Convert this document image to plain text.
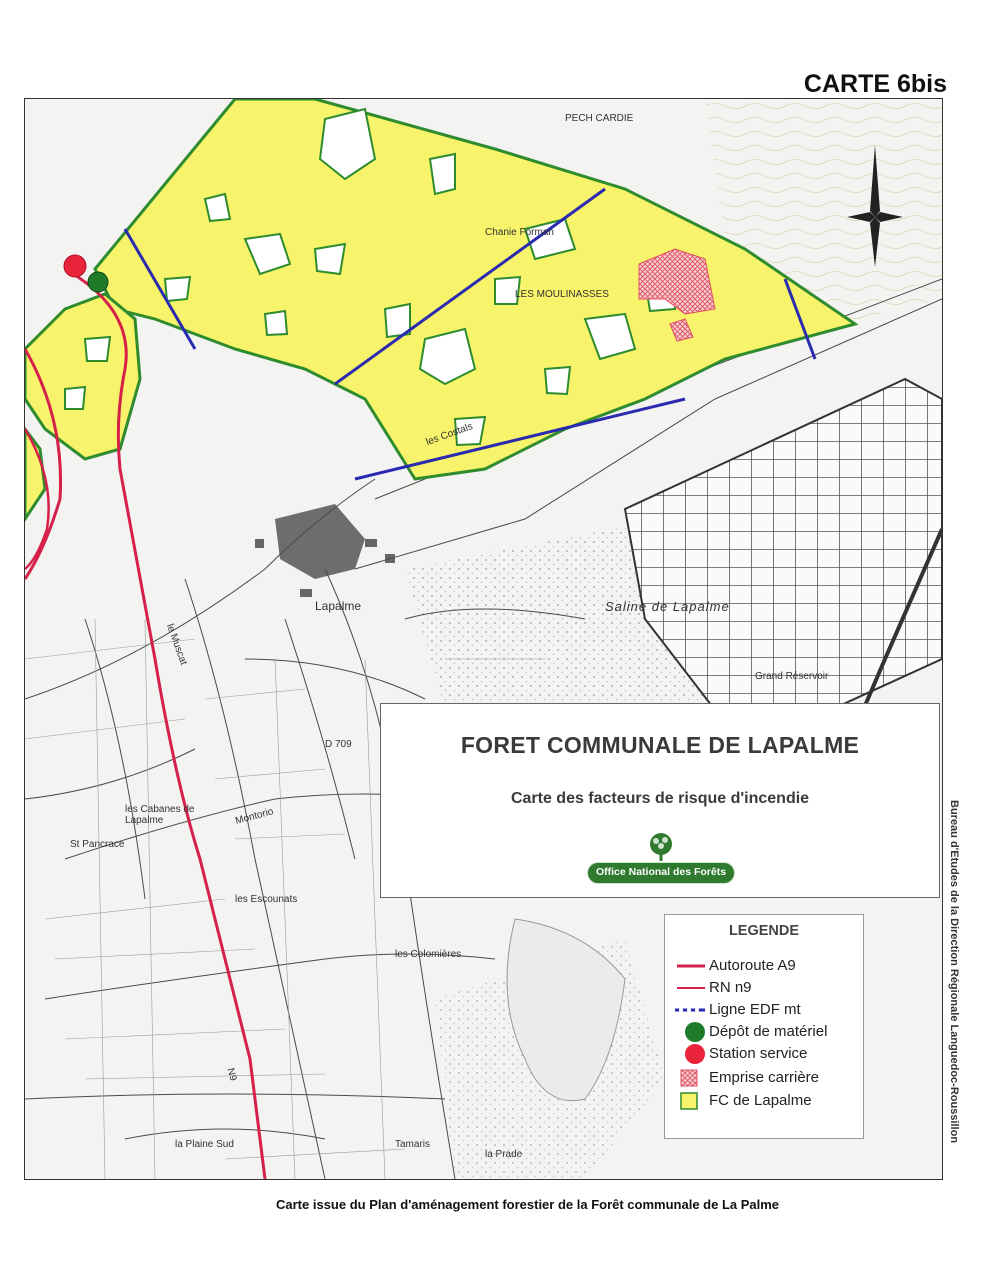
CARTE 6bis
PECH CARDIE
Chanie Forman
LES MOULINASSES
les Costals
Lapalme	Saline de Lapalme
Grand Réservoir
le Muscat
D 709
les Cabanes de Lapalme	Montorio
St Pancrace
les Escounats
les Colomières
N9
la Plaine Sud	Tamaris
la Prade
FORET COMMUNALE DE LAPALME
Carte des facteurs de risque d'incendie
Office National des Forêts
LEGENDE
Autoroute A9
RN n9
Ligne EDF mt
Dépôt de matériel
Station service
Emprise carrière
FC de Lapalme	Bureau d'Etudes de la Direction Régionale Languedoc-Roussillon
Carte issue du Plan d'aménagement forestier de la Forêt communale de La Palme
